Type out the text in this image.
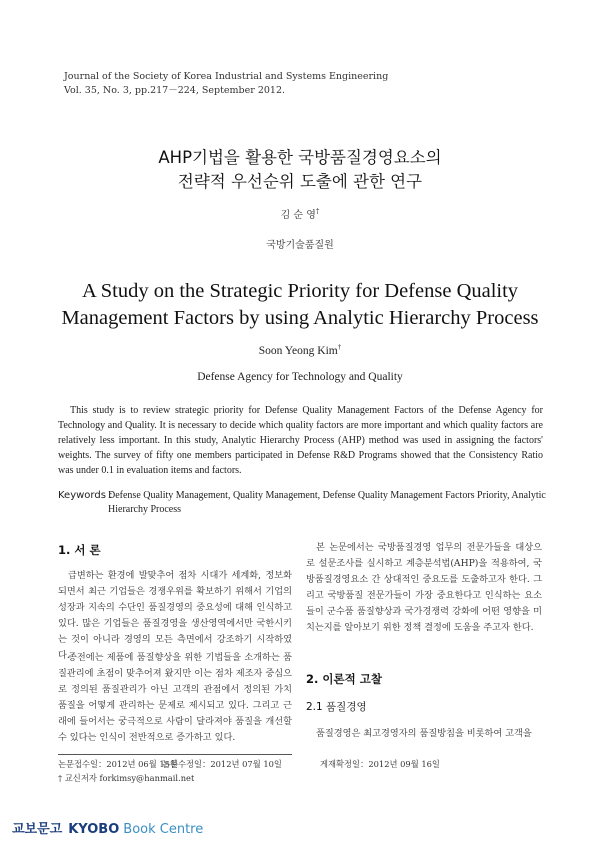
Journal of the Society of Korea Industrial and Systems Engineering
Vol. 35, No. 3, pp.217－224, September 2012.
AHP기법을 활용한 국방품질경영요소의
전략적 우선순위 도출에 관한 연구
김 순 영†
국방기술품질원
A Study on the Strategic Priority for Defense Quality
Management Factors by using Analytic Hierarchy Process
Soon Yeong Kim†
Defense Agency for Technology and Quality
This study is to review strategic priority for Defense Quality Management Factors of the Defense Agency for Technology and Quality. It is necessary to decide which quality factors are more important and which quality factors are relatively less important. In this study, Analytic Hierarchy Process (AHP) method was used in assigning the factors' weights. The survey of fifty one members participated in Defense R&D Programs showed that the Consistency Ratio was under 0.1 in evaluation items and factors.
Keywords :
Defense Quality Management, Quality Management, Defense Quality Management Factors Priority, Analytic Hierarchy Process
1. 서 론
급변하는 환경에 발맞추어 점차 시대가 세계화, 정보화 되면서 최근 기업들은 경쟁우위를 확보하기 위해서 기업의 성장과 지속의 수단인 품질경영의 중요성에 대해 인식하고 있다. 많은 기업들은 품질경영을 생산영역에서만 국한시키는 것이 아니라 경영의 모든 측면에서 강조하기 시작하였다.
종전에는 제품에 품질향상을 위한 기법들을 소개하는 품질관리에 초점이 맞추어져 왔지만 이는 점차 제조자 중심으로 정의된 품질관리가 아닌 고객의 관점에서 정의된 가치 품질을 어떻게 관리하는 문제로 제시되고 있다. 그리고 근래에 들어서는 궁극적으로 사람이 달라져야 품질을 개선할 수 있다는 인식이 전반적으로 증가하고 있다.
본 논문에서는 국방품질경영 업무의 전문가들을 대상으로 설문조사를 실시하고 계층분석법(AHP)을 적용하여, 국방품질경영요소 간 상대적인 중요도를 도출하고자 한다. 그리고 국방품질 전문가들이 가장 중요한다고 인식하는 요소들이 군수품 품질향상과 국가경쟁력 강화에 어떤 영향을 미치는지를 알아보기 위한 정책 결정에 도움을 주고자 한다.
2. 이론적 고찰
2.1 품질경영
품질경영은 최고경영자의 품질방침을 비롯하여 고객을
논문접수일：2012년 06월 15일
논문수정일：2012년 07월 10일	게재확정일：2012년 09월 16일
† 교신저자 forkimsy@hanmail.net
교보문고 KYOBO Book Centre
